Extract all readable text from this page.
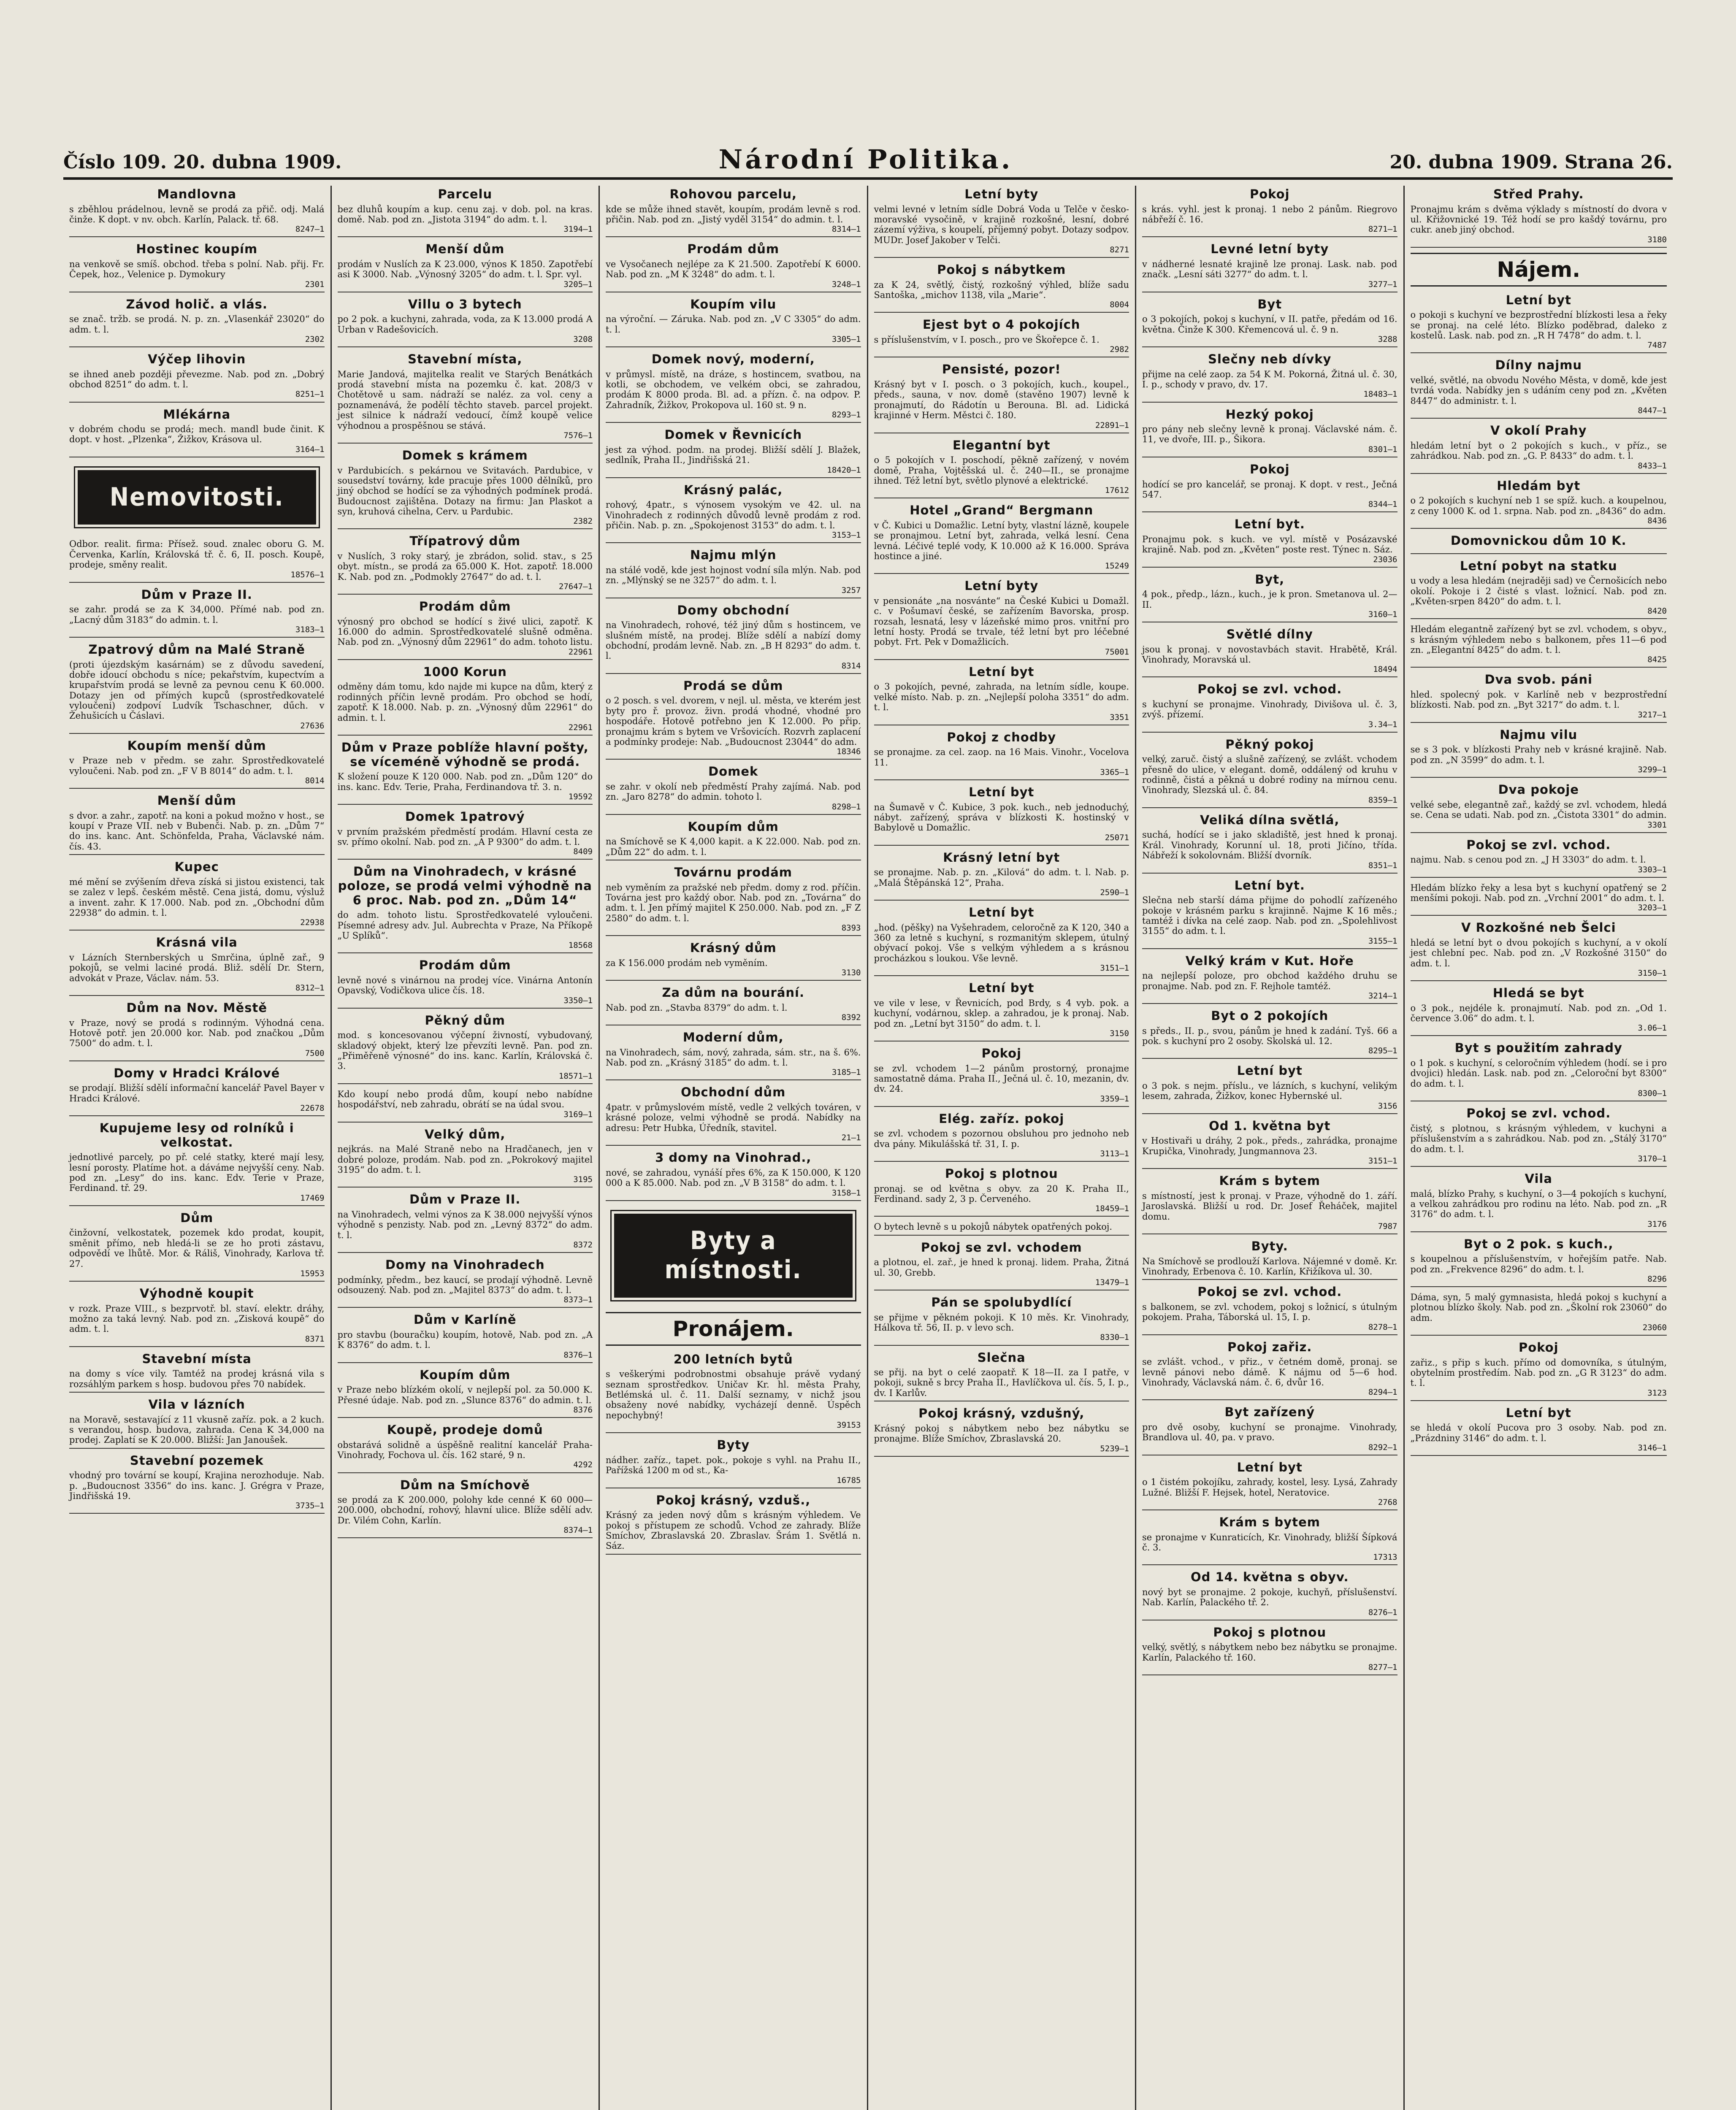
Číslo 109. 20. dubna 1909.	Národní Politika.	20. dubna 1909. Strana 26.
Mandlovna

s zběhlou prádelnou, levně se prodá za přič. odj. Malá činže. K dopt. v nv. obch. Karlín, Palack. tř. 68.

8247—1
Hostinec koupím

na venkově se smíš. obchod. třeba s polní. Nab. přij. Fr. Čepek, hoz., Velenice p. Dymokury

2301
Závod holič. a vlás.

se znač. tržb. se prodá. N. p. zn. „Vlasenkář 23020“ do adm. t. l.

2302
Výčep lihovin

se ihned aneb později převezme. Nab. pod zn. „Dobrý obchod 8251“ do adm. t. l.

8251—1
Mlékárna

v dobrém chodu se prodá; mech. mandl bude činit. K dopt. v host. „Plzenka“, Žižkov, Krásova ul.

3164—1
Nemovitosti.

Odbor. realit. firma: Přísež. soud. znalec oboru G. M. Červenka, Karlín, Královská tř. č. 6, II. posch. Koupě, prodeje, směny realit.

18576—1
Dům v Praze II.

se zahr. prodá se za K 34,000. Přímé nab. pod zn. „Lacný dům 3183“ do admin. t. l.

3183—1
Zpatrový dům na Malé Straně

(proti újezdským kasárnám) se z důvodu savedení, dobře idoucí obchodu s níce; pekařstvím, kupectvím a krupařstvím prodá se levně za pevnou cenu K 60.000. Dotazy jen od přímých kupců (sprostředkovatelé vyloučeni) zodpoví Ludvík Tschaschner, dűch. v Žehušicích u Čáslavi.

27636
Koupím menší dům

v Praze neb v předm. se zahr. Sprostředkovatelé vyloučeni. Nab. pod zn. „F V B 8014“ do adm. t. l.

8014
Menší dům

s dvor. a zahr., zapotř. na koni a pokud možno v host., se koupí v Praze VII. neb v Bubenči. Nab. p. zn. „Dům 7“ do ins. kanc. Ant. Schönfelda, Praha, Václavské nám. čís. 43.

Kupec

mé mění se zvýšením dřeva získá si jistou existenci, tak se zalez v lepš. českém městě. Cena jistá, domu, výsluž a invent. zahr. K 17.000. Nab. pod zn. „Obchodní dům 22938“ do admin. t. l.

22938
Krásná vila

v Lázních Sternberských u Smrčina, úplně zař., 9 pokojů, se velmi laciné prodá. Bliž. sdělí Dr. Stern, advokát v Praze, Václav. nám. 53.

8312—1
Dům na Nov. Městě

v Praze, nový se prodá s rodinným. Výhodná cena. Hotově potř. jen 20.000 kor. Nab. pod značkou „Dům 7500“ do adm. t. l.

7500
Domy v Hradci Králové

se prodají. Bližší sdělí informační kancelář Pavel Bayer v Hradci Králové.

22678
Kupujeme lesy od rolníků i velkostat.

jednotlivé parcely, po př. celé statky, které mají lesy, lesní porosty. Platíme hot. a dáváme nejvyšší ceny. Nab. pod zn. „Lesy“ do ins. kanc. Edv. Terie v Praze, Ferdinand. tř. 29.

17469
Dům

činžovní, velkostatek, pozemek kdo prodat, koupit, směnit přímo, neb hledá-li se ze ho proti zástavu, odpovědí ve lhůtě. Mor. & Ráliš, Vinohrady, Karlova tř. 27.

15953
Výhodně koupit

v rozk. Praze VIII., s bezprvotř. bl. staví. elektr. dráhy, možno za taká levný. Nab. pod zn. „Zisková koupě“ do adm. t. l.

8371
Stavební místa

na domy s více vily. Tamtéž na prodej krásná vila s rozsáhlým parkem s hosp. budovou přes 70 nabídek.

Vila v lázních

na Moravě, sestavající z 11 vkusně zaříz. pok. a 2 kuch. s verandou, hosp. budova, zahrada. Cena K 34,000 na prodej. Zaplatí se K 20.000. Bližší: Jan Janoušek.

Stavební pozemek

vhodný pro tovární se koupí, Krajina nerozhoduje. Nab. p. „Budoucnost 3356“ do ins. kanc. J. Grégra v Praze, Jindřišská 19.

3735—1
Parcelu

bez dluhů koupím a kup. cenu zaj. v dob. pol. na kras. domě. Nab. pod zn. „Jistota 3194“ do adm. t. l.

3194—1
Menší dům

prodám v Nuslích za K 23.000, výnos K 1850. Zapotřebí asi K 3000. Nab. „Výnosný 3205“ do adm. t. l. Spr. vyl.

3205—1
Villu o 3 bytech

po 2 pok. a kuchyni, zahrada, voda, za K 13.000 prodá A Urban v Radešovicích.

3208
Stavební místa,

Marie Jandová, majitelka realit ve Starých Benátkách prodá stavební místa na pozemku č. kat. 208/3 v Chotětově u sam. nádraží se naléz. za vol. ceny a poznamenává, že podělí těchto staveb. parcel projekt. jest silnice k nádraží vedoucí, čímž koupě velice výhodnou a prospěšnou se stává.

7576—1
Domek s krámem

v Pardubicích. s pekárnou ve Svitavách. Pardubice, v sousedství továrny, kde pracuje přes 1000 dělníků, pro jiný obchod se hodící se za výhodných podmínek prodá. Budoucnost zajištěna. Dotazy na firmu: Jan Plaskot a syn, kruhová cihelna, Cerv. u Pardubic.

2382
Třípatrový dům

v Nuslích, 3 roky starý, je zbrádon, solid. stav., s 25 obyt. místn., se prodá za 65.000 K. Hot. zapotř. 18.000 K. Nab. pod zn. „Podmokly 27647“ do ad. t. l.

27647—1
Prodám dům

výnosný pro obchod se hodící s živé ulici, zapotř. K 16.000 do admin. Sprostředkovatelé slušně odměna. Nab. pod zn. „Výnosný dům 22961“ do adm. tohoto listu.

22961
1000 Korun

odměny dám tomu, kdo najde mi kupce na dům, který z rodinných příčin levně prodám. Pro obchod se hodí, zapotř. K 18.000. Nab. p. zn. „Výnosný dům 22961“ do admin. t. l.

22961
Dům v Praze poblíže hlavní pošty, se víceméně výhodně se prodá.

K složení pouze K 120 000. Nab. pod zn. „Dům 120“ do ins. kanc. Edv. Terie, Praha, Ferdinandova tř. 3. n.

19592
Domek 1patrový

v prvním pražském předměstí prodám. Hlavní cesta ze sv. přímo okolní. Nab. pod zn. „A P 9300“ do adm. t. l.

8409
Dům na Vinohradech, v krásné poloze, se prodá velmi výhodně na 6 proc. Nab. pod zn. „Dům 14“

do adm. tohoto listu. Sprostředkovatelé vyloučeni. Písemné adresy adv. Jul. Aubrechta v Praze, Na Příkopě „U Splíků“.

18568
Prodám dům

levně nové s vinárnou na prodej více. Vinárna Antonín Opavský, Vodičkova ulice čís. 18.

3350—1
Pěkný dům

mod. s koncesovanou výčepní živností, vybudovaný, skladový objekt, který lze převzíti levně. Pan. pod zn. „Přiměřeně výnosné“ do ins. kanc. Karlín, Královská č. 3.

18571—1

Kdo koupí nebo prodá dům, koupí nebo nabídne hospodářství, neb zahradu, obrátí se na údal svou.

3169—1
Velký dům,

nejkrás. na Malé Straně nebo na Hradčanech, jen v dobré poloze, prodám. Nab. pod zn. „Pokrokový majitel 3195“ do adm. t. l.

3195
Dům v Praze II.

na Vinohradech, velmi výnos za K 38.000 nejvyšší výnos výhodně s penzisty. Nab. pod zn. „Levný 8372“ do adm. t. l.

8372
Domy na Vinohradech

podmínky, předm., bez kaucí, se prodají výhodně. Levně odsouzený. Nab. pod zn. „Majitel 8373“ do adm. t. l.

8373—1
Dům v Karlíně

pro stavbu (bouračku) koupím, hotově, Nab. pod zn. „A K 8376“ do adm. t. l.

8376—1
Koupím dům

v Praze nebo blízkém okolí, v nejlepší pol. za 50.000 K. Přesné údaje. Nab. pod zn. „Slunce 8376“ do admin. t. l.

8376
Koupě, prodeje domů

obstarává solidně a úspěšně realitní kancelář Praha-Vinohrady, Fochova ul. čís. 162 staré, 9 n.

4292
Dům na Smíchově

se prodá za K 200.000, polohy kde cenné K 60 000—200.000, obchodní, rohový, hlavní ulice. Blíže sdělí adv. Dr. Vilém Cohn, Karlín.

8374—1
Rohovou parcelu,

kde se může ihned stavět, koupím, prodám levně s rod. přičin. Nab. pod zn. „Jistý vyděl 3154“ do admin. t. l.

8314—1
Prodám dům

ve Vysočanech nejlépe za K 21.500. Zapotřebí K 6000. Nab. pod zn. „M K 3248“ do adm. t. l.

3248—1
Koupím vilu

na výroční. — Záruka. Nab. pod zn. „V C 3305“ do adm. t. l.

3305—1
Domek nový, moderní,

v průmysl. místě, na dráze, s hostincem, svatbou, na kotli, se obchodem, ve velkém obci, se zahradou, prodám K 8000 proda. Bl. ad. a přízn. č. na odpov. P. Zahradník, Žižkov, Prokopova ul. 160 st. 9 n.

8293—1
Domek v Řevnicích

jest za výhod. podm. na prodej. Bližší sdělí J. Blažek, sedlník, Praha II., Jindřišská 21.

18420—1
Krásný palác,

rohový, 4patr., s výnosem vysokým ve 42. ul. na Vinohradech z rodinných důvodů levně prodám z rod. přičin. Nab. p. zn. „Spokojenost 3153“ do adm. t. l.

3153—1
Najmu mlýn

na stálé vodě, kde jest hojnost vodní síla mlýn. Nab. pod zn. „Mlýnský se ne 3257“ do adm. t. l.

3257
Domy obchodní

na Vinohradech, rohové, též jiný dům s hostincem, ve slušném místě, na prodej. Blíže sdělí a nabízí domy obchodní, prodám levně. Nab. zn. „B H 8293“ do adm. t. l.

8314
Prodá se dům

o 2 posch. s vel. dvorem, v nejl. ul. města, ve kterém jest byty pro ř. provoz. živn. prodá vhodné, vhodné pro hospodáře. Hotově potřebno jen K 12.000. Po přip. pronajmu krám s bytem ve Vršovicích. Rozvrh zaplacení a podmínky prodeje: Nab. „Budoucnost 23044“ do adm.

18346
Domek

se zahr. v okolí neb předměstí Prahy zajímá. Nab. pod zn. „Jaro 8278“ do admin. tohoto l.

8298—1
Koupím dům

na Smíchově se K 4,000 kapit. a K 22.000. Nab. pod zn. „Dům 22“ do adm. t. l.

Továrnu prodám

neb vyměním za pražské neb předm. domy z rod. příčin. Továrna jest pro každý obor. Nab. pod zn. „Továrna“ do adm. t. l. Jen přímý majitel K 250.000. Nab. pod zn. „F Z 2580“ do adm. t. l.

8393
Krásný dům

za K 156.000 prodám neb vyměním.

3130
Za dům na bourání.

Nab. pod zn. „Stavba 8379“ do adm. t. l.

8392
Moderní dům,

na Vinohradech, sám, nový, zahrada, sám. str., na š. 6%. Nab. pod zn. „Krásný 3185“ do adm. t. l.

3185—1
Obchodní dům

4patr. v průmyslovém místě, vedle 2 velkých továren, v krásné poloze, velmi výhodně se prodá. Nabídky na adresu: Petr Hubka, Úředník, stavitel.

21—1
3 domy na Vinohrad.,

nové, se zahradou, vynáší přes 6%, za K 150.000, K 120 000 a K 85.000. Nab. pod zn. „V B 3158“ do adm. t. l.

3158—1
Byty a místnosti.
Pronájem.
200 letních bytů

s veškerými podrobnostmi obsahuje právě vydaný seznam sprostředkov. Uničav Kr. hl. města Prahy, Betlémská ul. č. 11. Další seznamy, v nichž jsou obsaženy nové nabídky, vycházejí denně. Úspěch nepochybný!

39153
Byty

nádher. zaříz., tapet. pok., pokoje s vyhl. na Prahu II., Pařížská 1200 m od st., Ka-

16785
Pokoj krásný, vzduš.,

Krásný za jeden nový dům s krásným výhledem. Ve pokoj s přístupem ze schodů. Vchod ze zahrady. Blíže Smíchov, Zbraslavská 20. Zbraslav. Šrám 1. Světlá n. Sáz.

Letní byty

velmi levné v letním sídle Dobrá Voda u Telče v česko-moravské vysočině, v krajině rozkošné, lesní, dobré zázemí výživa, s koupelí, příjemný pobyt. Dotazy sodpov. MUDr. Josef Jakober v Telči.

8271
Pokoj s nábytkem

za K 24, světlý, čistý, rozkošný výhled, blíže sadu Santoška, „michov 1138, vila „Marie“.

8004
Ejest byt o 4 pokojích

s příslušenstvím, v I. posch., pro ve Škořepce č. 1.

2982
Pensisté, pozor!

Krásný byt v I. posch. o 3 pokojích, kuch., koupel., předs., sauna, v nov. domě (stavěno 1907) levně k pronajmutí, do Rádotín u Berouna. Bl. ad. Lidická krajinné v Herm. Městci č. 180.

22891—1
Elegantní byt

o 5 pokojích v I. poschodí, pěkně zařízený, v novém domě, Praha, Vojtěšská ul. č. 240—II., se pronajme ihned. Též letní byt, světlo plynové a elektrické.

17612
Hotel „Grand“ Bergmann

v Č. Kubici u Domažlic. Letní byty, vlastní lázně, koupele se pronajmou. Letní byt, zahrada, velká lesní. Cena levná. Léčivé teplé vody, K 10.000 až K 16.000. Správa hostince a jiné.

15249
Letní byty

v pensionáte „na nosvánte“ na České Kubici u Domažl. c. v Pošumaví české, se zařízením Bavorska, prosp. rozsah, lesnatá, lesy v lázeňské mimo pros. vnitřní pro letní hosty. Prodá se trvale, též letní byt pro léčebné pobyt. Frt. Pek v Domažlicích.

75001
Letní byt

o 3 pokojích, pevné, zahrada, na letním sídle, koupe. velké místo. Nab. p. zn. „Nejlepší poloha 3351“ do adm. t. l.

3351
Pokoj z chodby

se pronajme. za cel. zaop. na 16 Mais. Vinohr., Vocelova 11.

3365—1
Letní byt

na Šumavě v Č. Kubice, 3 pok. kuch., neb jednoduchý, nábyt. zařízený, správa v blízkosti K. hostinský v Babylově u Domažlic.

25071
Krásný letní byt

se pronajme. Nab. p. zn. „Kilová“ do adm. t. l. Nab. p. „Malá Štěpánská 12“, Praha.

2590—1
Letní byt

„hod. (pěšky) na Vyšehradem, celoročně za K 120, 340 a 360 za letně s kuchyní, s rozmanitým sklepem, útulný obývací pokoj. Vše s velkým výhledem a s krásnou procházkou s loukou. Vše levně.

3151—1
Letní byt

ve vile v lese, v Řevnicích, pod Brdy, s 4 vyb. pok. a kuchyní, vodárnou, sklep. a zahradou, je k pronaj. Nab. pod zn. „Letní byt 3150“ do adm. t. l.

3150
Pokoj

se zvl. vchodem 1—2 pánům prostorný, pronajme samostatně dáma. Praha II., Ječná ul. č. 10, mezanin, dv. dv. 24.

3359—1
Elég. zaříz. pokoj

se zvl. vchodem s pozornou obsluhou pro jednoho neb dva pány. Mikulášská tř. 31, I. p.

3113—1
Pokoj s plotnou

pronaj. se od května s obyv. za 20 K. Praha II., Ferdinand. sady 2, 3 p. Červeného.

18459—1

O bytech levně s u pokojů nábytek opatřených pokoj.

Pokoj se zvl. vchodem

a plotnou, el. zař., je hned k pronaj. lidem. Praha, Žitná ul. 30, Grebb.

13479—1
Pán se spolubydlící

se přijme v pěkném pokoji. K 10 měs. Kr. Vinohrady, Hálkova tř. 56, II. p. v levo sch.

8330—1
Slečna

se přij. na byt o celé zaopatř. K 18—II. za I patře, v pokoji, sukně s brcy Praha II., Havlíčkova ul. čís. 5, I. p., dv. I Karlův.

Pokoj krásný, vzdušný,

Krásný pokoj s nábytkem nebo bez nábytku se pronajme. Blíže Smíchov, Zbraslavská 20.

5239—1
Pokoj

s krás. vyhl. jest k pronaj. 1 nebo 2 pánům. Riegrovo nábřeží č. 16.

8271—1
Levné letní byty

v nádherné lesnaté krajině lze pronaj. Lask. nab. pod značk. „Lesní sáti 3277“ do adm. t. l.

3277—1
Byt

o 3 pokojích, pokoj s kuchyní, v II. patře, předám od 16. května. Činže K 300. Křemencová ul. č. 9 n.

3288
Slečny neb dívky

přijme na celé zaop. za 54 K M. Pokorná, Žitná ul. č. 30, I. p., schody v pravo, dv. 17.

18483—1
Hezký pokoj

pro pány neb slečny levně k pronaj. Václavské nám. č. 11, ve dvoře, III. p., Šikora.

8301—1
Pokoj

hodící se pro kancelář, se pronaj. K dopt. v rest., Ječná 547.

8344—1
Letní byt.

Pronajmu pok. s kuch. ve vyl. místě v Posázavské krajině. Nab. pod zn. „Květen“ poste rest. Týnec n. Sáz.

23036
Byt,

4 pok., předp., lázn., kuch., je k pron. Smetanova ul. 2—II.

3160—1
Světlé dílny

jsou k pronaj. v novostavbách stavit. Hrabětě, Král. Vinohrady, Moravská ul.

18494
Pokoj se zvl. vchod.

s kuchyní se pronajme. Vinohrady, Divišova ul. č. 3, zvýš. přízemí.

3.34—1
Pěkný pokoj

velký, zaruč. čistý a slušně zařízený, se zvlášt. vchodem přesně do ulice, v elegant. domě, oddálený od kruhu v rodinně, čistá a pěkná u dobré rodiny na mírnou cenu. Vinohrady, Slezská ul. č. 84.

8359—1
Veliká dílna světlá,

suchá, hodící se i jako skladiště, jest hned k pronaj. Král. Vinohrady, Korunní ul. 18, proti Jičíno, třída. Nábřeží k sokolovnám. Bližší dvorník.

8351—1
Letní byt.

Slečna neb starší dáma přijme do pohodlí zařízeného pokoje v krásném parku s krajinně. Najme K 16 měs.; tamtéž i dívka na celé zaop. Nab. pod zn. „Spolehlivost 3155“ do adm. t. l.

3155—1
Velký krám v Kut. Hoře

na nejlepší poloze, pro obchod každého druhu se pronajme. Nab. pod zn. F. Rejhole tamtéž.

3214—1
Byt o 2 pokojích

s předs., II. p., svou, pánům je hned k zadání. Tyš. 66 a pok. s kuchyní pro 2 osoby. Skolská ul. 12.

8295—1
Letní byt

o 3 pok. s nejm. příslu., ve lázních, s kuchyní, velikým lesem, zahrada, Žižkov, konec Hybernské ul.

3156
Od 1. května byt

v Hostivaři u dráhy, 2 pok., předs., zahrádka, pronajme Krupička, Vinohrady, Jungmannova 23.

3151—1
Krám s bytem

s místností, jest k pronaj. v Praze, výhodně do 1. září. Jaroslavská. Bližší u rod. Dr. Josef Řeháček, majitel domu.

7987
Byty.

Na Smíchově se prodlouží Karlova. Nájemné v domě. Kr. Vinohrady, Erbenova č. 10. Karlín, Křižíkova ul. 30.

Pokoj se zvl. vchod.

s balkonem, se zvl. vchodem, pokoj s ložnicí, s útulným pokojem. Praha, Táborská ul. 15, I. p.

8278—1
Pokoj zařiz.

se zvlášt. vchod., v přiz., v četném domě, pronaj. se levně pánovi nebo dámě. K nájmu od 5—6 hod. Vinohrady, Václavská nám. č. 6, dvůr 16.

8294—1
Byt zařízený

pro dvě osoby, kuchyní se pronajme. Vinohrady, Brandlova ul. 40, pa. v pravo.

8292—1
Letní byt

o 1 čistém pokojíku, zahrady, kostel, lesy. Lysá, Zahrady Lužné. Bližší F. Hejsek, hotel, Neratovice.

2768
Krám s bytem

se pronajme v Kunraticích, Kr. Vinohrady, bližší Šípková č. 3.

17313
Od 14. května s obyv.

nový byt se pronajme. 2 pokoje, kuchyň, příslušenství. Nab. Karlín, Palackého tř. 2.

8276—1
Pokoj s plotnou

velký, světlý, s nábytkem nebo bez nábytku se pronajme. Karlín, Palackého tř. 160.

8277—1
Střed Prahy.

Pronajmu krám s dvěma výklady s místností do dvora v ul. Křižovnické 19. Též hodí se pro kašdý továrnu, pro cukr. aneb jiný obchod.

3180
Nájem.
Letní byt

o pokoji s kuchyní ve bezprostřední blízkosti lesa a řeky se pronaj. na celé léto. Blízko poděbrad, daleko z kostelů. Lask. nab. pod zn. „R H 7478“ do adm. t. l.

7487
Dílny najmu

velké, světlé, na obvodu Nového Města, v domě, kde jest tvrdá voda. Nabídky jen s udáním ceny pod zn. „Květen 8447“ do administr. t. l.

8447—1
V okolí Prahy

hledám letní byt o 2 pokojích s kuch., v příz., se zahrádkou. Nab. pod zn. „G. P. 8433“ do adm. t. l.

8433—1
Hledám byt

o 2 pokojích s kuchyní neb 1 se spíž. kuch. a koupelnou, z ceny 1000 K. od 1. srpna. Nab. pod zn. „8436“ do adm.

8436
Domovnickou dům 10 K.

Letní pobyt na statku

u vody a lesa hledám (nejraději sad) ve Černošicích nebo okolí. Pokoje i 2 čisté s vlast. ložnicí. Nab. pod zn. „Květen-srpen 8420“ do adm. t. l.

8420

Hledám elegantně zařízený byt se zvl. vchodem, s obyv., s krásným výhledem nebo s balkonem, přes 11—6 pod zn. „Elegantní 8425“ do adm. t. l.

8425
Dva svob. páni

hled. spolecný pok. v Karlíně neb v bezprostřední blízkosti. Nab. pod zn. „Byt 3217“ do adm. t. l.

3217—1
Najmu vilu

se s 3 pok. v blízkosti Prahy neb v krásné krajině. Nab. pod zn. „N 3599“ do adm. t. l.

3299—1
Dva pokoje

velké sebe, elegantně zař., každý se zvl. vchodem, hledá se. Cena se udati. Nab. pod zn. „Čistota 3301“ do admin.

3301
Pokoj se zvl. vchod.

najmu. Nab. s cenou pod zn. „J H 3303“ do adm. t. l.

3303—1

Hledám blízko řeky a lesa byt s kuchyní opatřený se 2 menšími pokoji. Nab. pod zn. „Vrchní 2001“ do adm. t. l.

3203—1
V Rozkošné neb Šelci

hledá se letní byt o dvou pokojích s kuchyní, a v okolí jest chlební pec. Nab. pod zn. „V Rozkošné 3150“ do adm. t. l.

3150—1
Hledá se byt

o 3 pok., nejdéle k. pronajmutí. Nab. pod zn. „Od 1. července 3.06“ do adm. t. l.

3.06—1
Byt s použitím zahrady

o 1 pok. s kuchyní, s celoročním výhledem (hodí. se i pro dvojici) hledán. Lask. nab. pod zn. „Celoroční byt 8300“ do adm. t. l.

8300—1
Pokoj se zvl. vchod.

čistý, s plotnou, s krásným výhledem, v kuchyni a příslušenstvím a s zahrádkou. Nab. pod zn. „Stálý 3170“ do adm. t. l.

3170—1
Vila

malá, blízko Prahy, s kuchyní, o 3—4 pokojích s kuchyní, a velkou zahrádkou pro rodinu na léto. Nab. pod zn. „R 3176“ do adm. t. l.

3176
Byt o 2 pok. s kuch.,

s koupelnou a příslušenstvím, v hořejším patře. Nab. pod zn. „Frekvence 8296“ do adm. t. l.

8296

Dáma, syn, 5 malý gymnasista, hledá pokoj s kuchyní a plotnou blízko školy. Nab. pod zn. „Školní rok 23060“ do adm.

23060
Pokoj

zařiz., s přip s kuch. přímo od domovníka, s útulným, obytelním prostředím. Nab. pod zn. „G R 3123“ do adm. t. l.

3123
Letní byt

se hledá v okolí Pucova pro 3 osoby. Nab. pod zn. „Prázdniny 3146“ do adm. t. l.

3146—1
